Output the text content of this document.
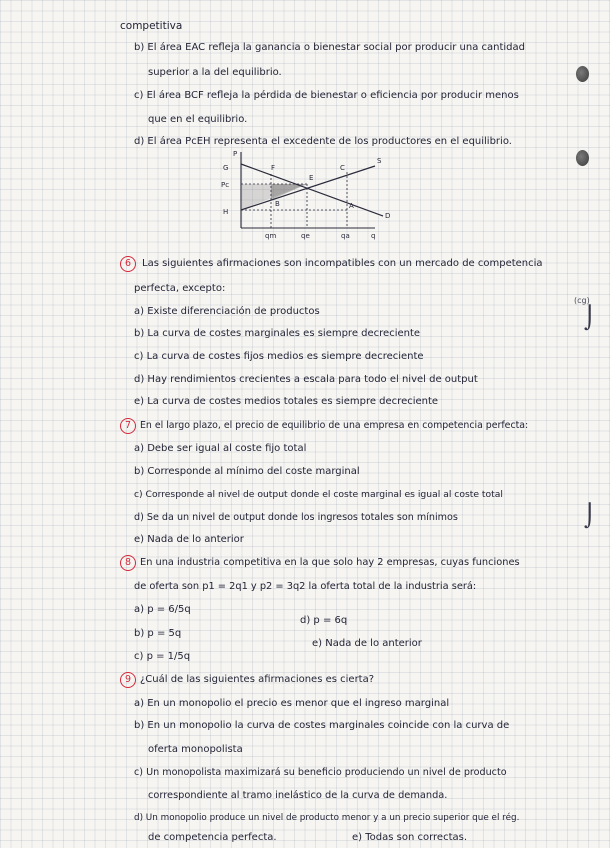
competitiva
b) El área EAC refleja la ganancia o bienestar social por producir una cantidad
superior a la del equilibrio.
c) El área BCF refleja la pérdida de bienestar o eficiencia por producir menos
que en el equilibrio.
d) El área PcEH representa el excedente de los productores en el equilibrio.
P
G	F	C
S
Pc
E
B	A
H	D
qm	qe	qa	q
6	Las siguientes afirmaciones son incompatibles con un mercado de competencia
perfecta, excepto:
a) Existe diferenciación de productos
b) La curva de costes marginales es siempre decreciente
c) La curva de costes fijos medios es siempre decreciente
d) Hay rendimientos crecientes a escala para todo el nivel de output
e) La curva de costes medios totales es siempre decreciente
(cg)
⌡
7 En el largo plazo, el precio de equilibrio de una empresa en competencia perfecta:
a) Debe ser igual al coste fijo total
b) Corresponde al mínimo del coste marginal
c) Corresponde al nivel de output donde el coste marginal es igual al coste total
d) Se da un nivel de output donde los ingresos totales son mínimos
e) Nada de lo anterior
⌡
8 En una industria competitiva en la que solo hay 2 empresas, cuyas funciones
de oferta son p1 = 2q1 y p2 = 3q2 la oferta total de la industria será:
a) p = 6/5q
b) p = 5q
c) p = 1/5q
d) p = 6q
e) Nada de lo anterior
9 ¿Cuál de las siguientes afirmaciones es cierta?
a) En un monopolio el precio es menor que el ingreso marginal
b) En un monopolio la curva de costes marginales coincide con la curva de
oferta monopolista
c) Un monopolista maximizará su beneficio produciendo un nivel de producto
correspondiente al tramo inelástico de la curva de demanda.
d) Un monopolio produce un nivel de producto menor y a un precio superior que el rég.
de competencia perfecta.	e) Todas son correctas.
